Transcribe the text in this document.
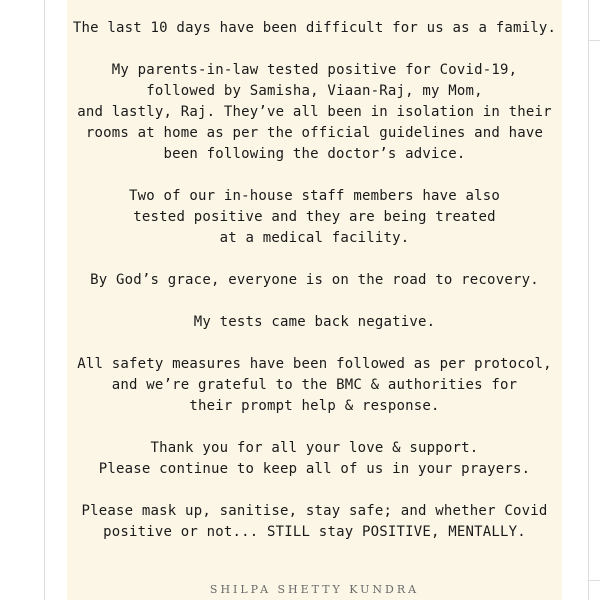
The last 10 days have been difficult for us as a family.

My parents-in-law tested positive for Covid-19,
followed by Samisha, Viaan-Raj, my Mom,
and lastly, Raj. They’ve all been in isolation in their
rooms at home as per the official guidelines and have
been following the doctor’s advice.

Two of our in-house staff members have also
tested positive and they are being treated
at a medical facility.

By God’s grace, everyone is on the road to recovery.

My tests came back negative.

All safety measures have been followed as per protocol,
and we’re grateful to the BMC & authorities for
their prompt help & response.

Thank you for all your love & support.
Please continue to keep all of us in your prayers.

Please mask up, sanitise, stay safe; and whether Covid
positive or not... STILL stay POSITIVE, MENTALLY.

SHILPA SHETTY KUNDRA
